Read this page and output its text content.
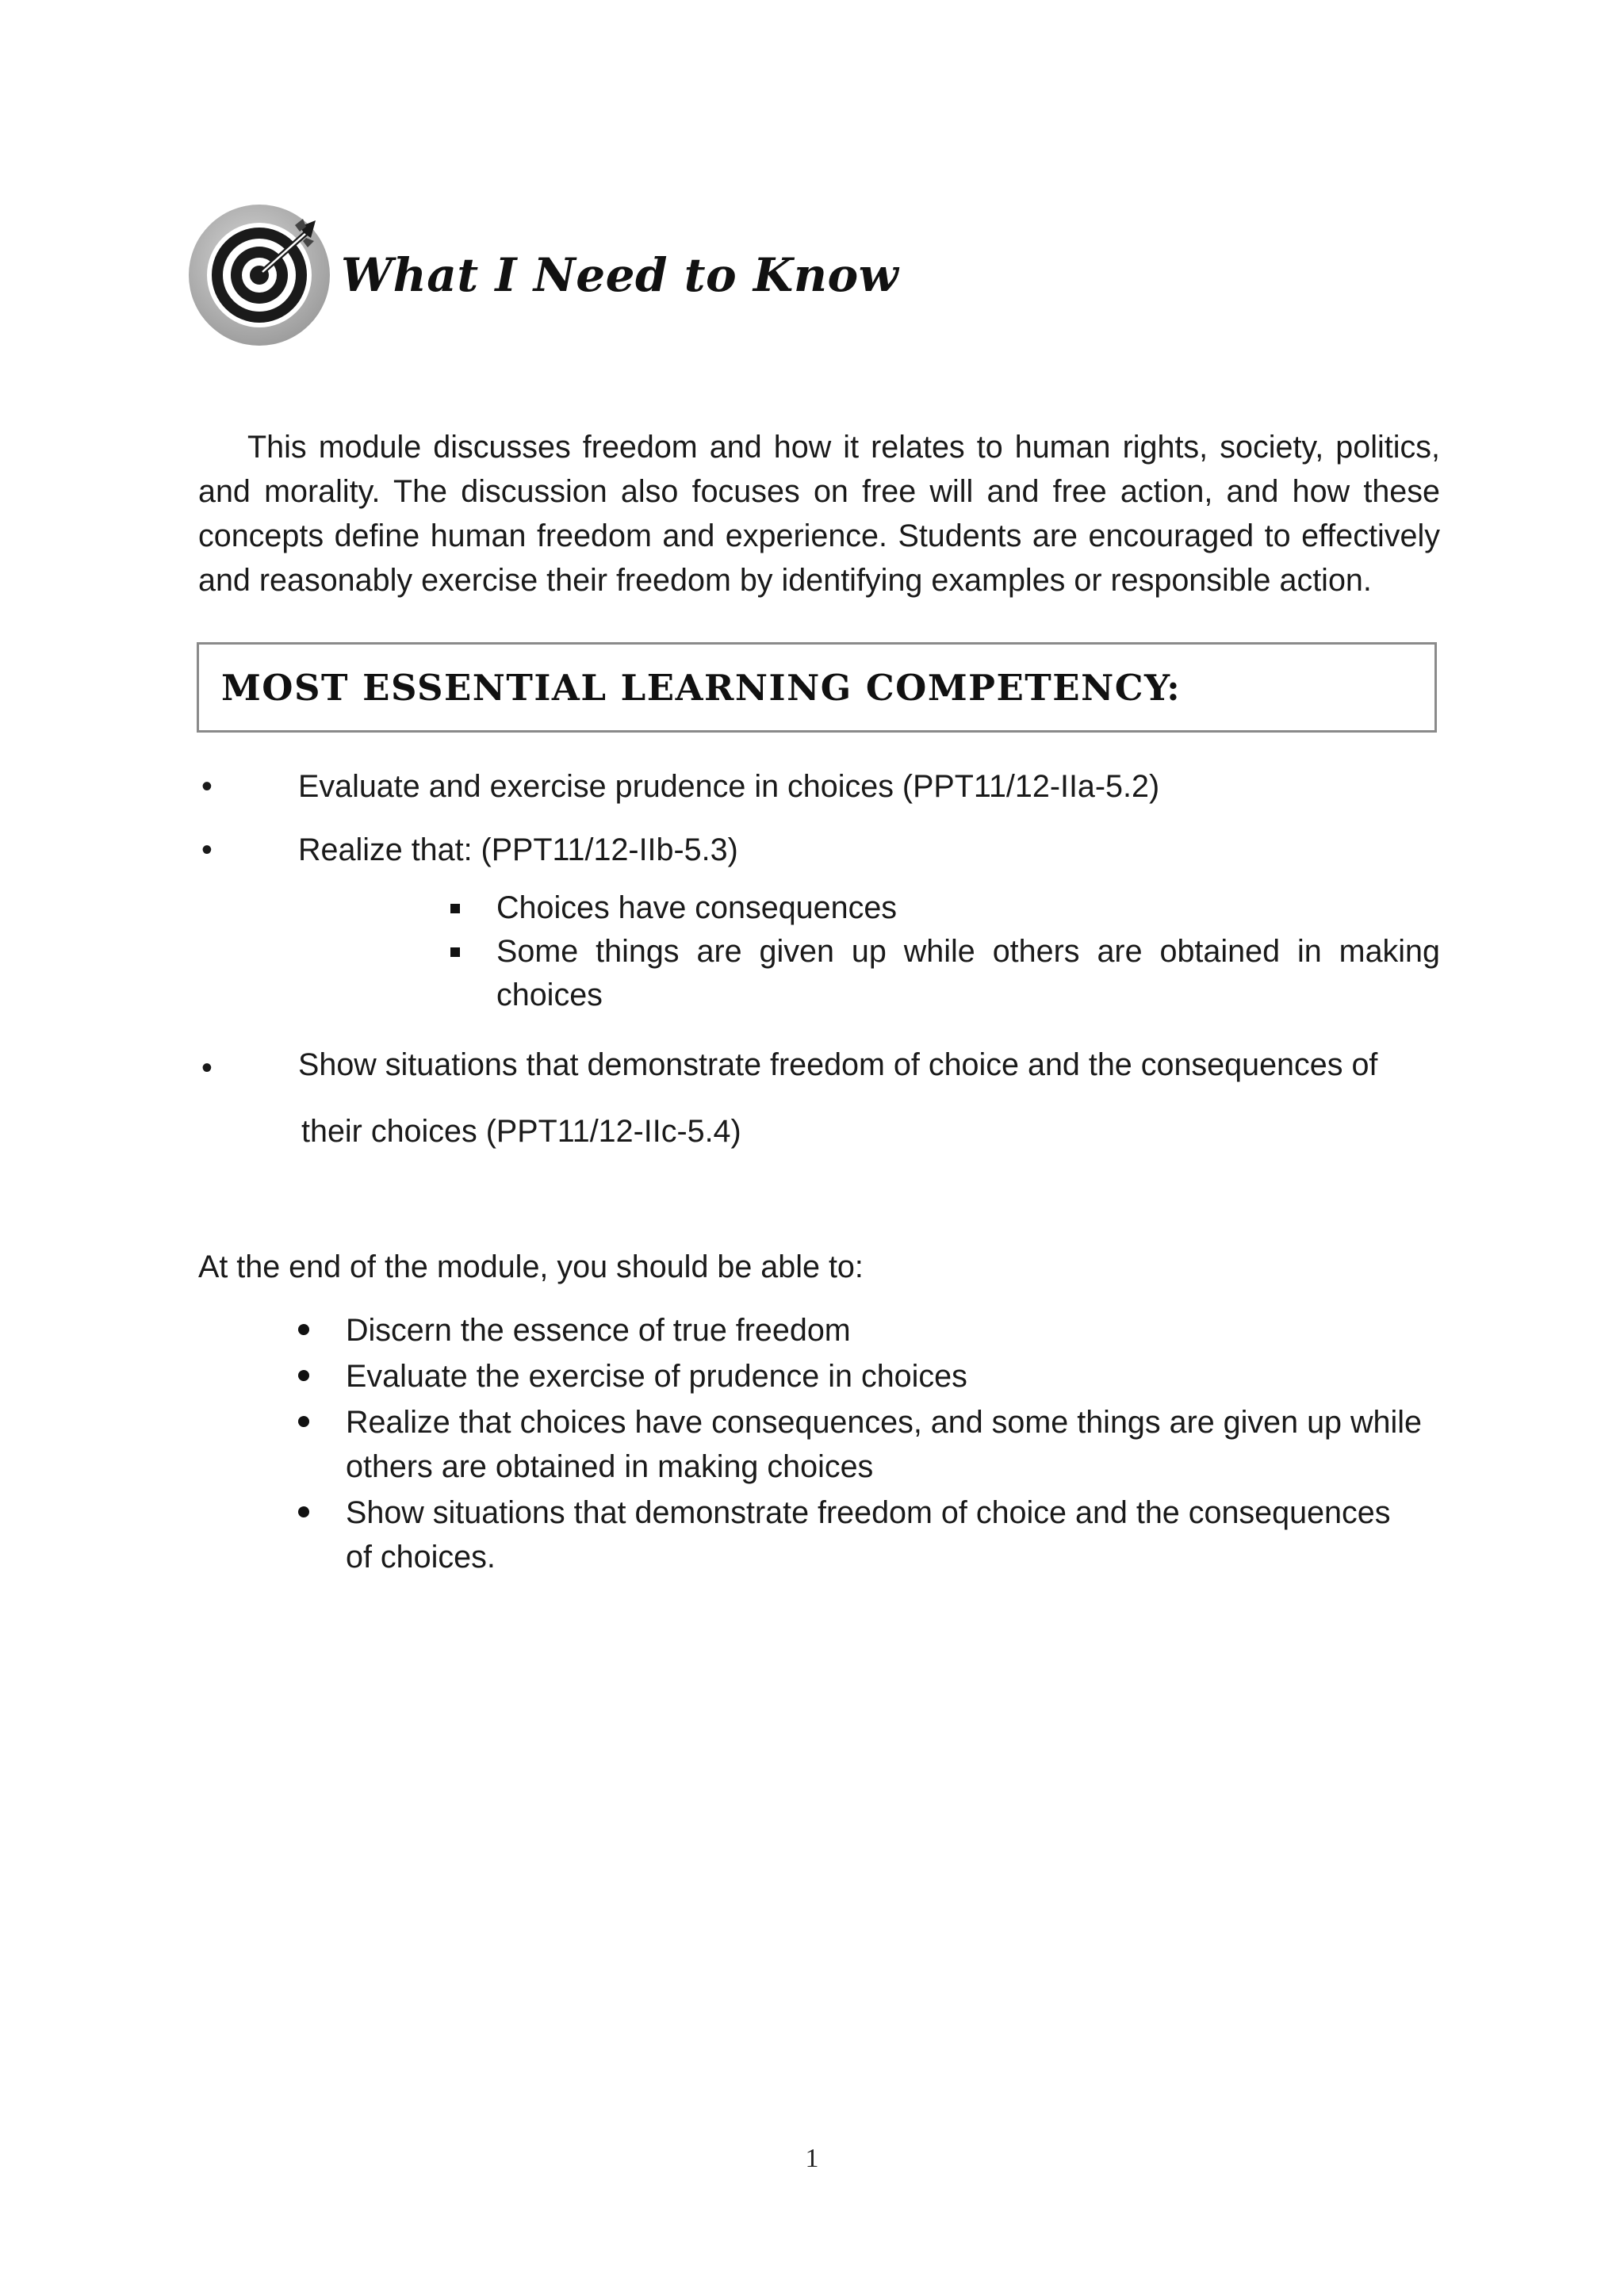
What I Need to Know

This module discusses freedom and how it relates to human rights, society, politics, and morality. The discussion also focuses on free will and free action, and how these concepts define human freedom and experience. Students are encouraged to effectively and reasonably exercise their freedom by identifying examples or responsible action.

MOST ESSENTIAL LEARNING COMPETENCY:
•	Evaluate and exercise prudence in choices (PPT11/12-IIa-5.2)
•	Realize that: (PPT11/12-IIb-5.3)
Choices have consequences
Some things are given up while others are obtained in making choices
•	Show situations that demonstrate freedom of choice and the consequences of
their choices (PPT11/12-IIc-5.4)
At the end of the module, you should be able to:
Discern the essence of true freedom
Evaluate the exercise of prudence in choices
Realize that choices have consequences, and some things are given up while others are obtained in making choices
Show situations that demonstrate freedom of choice and the consequences of choices.
1
